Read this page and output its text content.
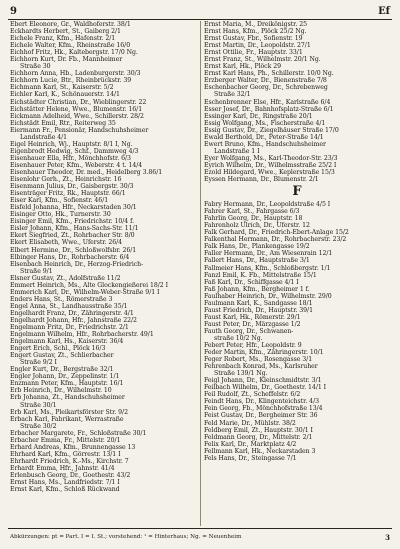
9	Ef
Ebert Eleonore, Gr., Waldhoferstr. 38/1
Eckhardts Herbert, St., Gaiberg 2/1
Eichele Franz, Kfm., Hafenstr. 2/1
Eichele Walter, Kfm., Rheinstraße 16/0
Eichhof Fritz, Hk., Kaltebergstr. 17/0 Ng.
Eichhorn Kurt, Dr. Fb., Mannheimer
Straße 30
Eichhorn Anna, Hb., Ladenburgerstr. 30/3
Eichhorn Lucie, Btr., Rheinbrückstr. 39
Eichmann Karl, St., Kaiserstr. 5/2
Eichler Karl, K., Schönauerstr. 14/1
Eichstädter Christian, Dr., Wieblingerstr. 22
Eichstätter Helene, Wwe., Blumenstr. 16/1
Eickmann Adelheid, Wwe., Schillerstr. 28/2
Eichstädt Emil, Rtr., Reiterweg 35
Eiermann Fr., Pensionär, Handschuhsheimer
Landstraße 4/1
Eigel Heinrich, Wj., Hauptstr. 8/1 I, Ng.
Eigenbrodt Hedwig, Schf., Dammweg 4/3
Eisenhauer Ella, Hfr., Mönchhofstr. 6/3
Eisenhauer Peter, Kfm., Weberstr. 4 t. 14/4
Eisenhauer Theodor, Dr. med., Heidelberg 3.86/1
Eisenlohr Gerh., Zt., Heinrichstr. 16
Eisenmann Julius, Dr., Gaisbergstr. 30/3
Eisenträger Fritz, Rk., Hauptstr. 66/1
Eiser Karl, Kfm., Sofienstr. 46/1
Eisfeld Johanna, Hfr., Neckarstaden 30/1
Eisinger Otto, Hk., Turnerstr. 30
Eisinger Emil, Kfm., Friedrichstr. 10/4 f.
Eisler Johann, Kfm., Hans-Sachs-Str. 11/1
Ekert Siegfried, Zt., Rohrbacher Str. 8/0
Ekert Elisabeth, Wwe., Uferstr. 26/4
Elbert Hermine, Dr., Schloßwolfsbr. 26/1
Elbinger Hans, Dr., Rohrbacherstr. 6/4
Elsenbach Heinrich, Dr., Herzog-Friedrich-
Straße 9/1
Elsner Gustav, Zt., Adolfstraße 11/2
Emmert Heinrich, Ms., Alte Glockengießerei 18/2 I
Emmerich Karl, Dr., Wilhelm-Weber-Straße 9/1 I
Enders Hans, St., Römerstraße 3
Engel Anna, St., Landhausstraße 35/1
Engelhardt Franz, Dr., Zähringerstr. 4/1
Engelhardt Johann, Hfr., Jahnstraße 22/2
Engelmann Fritz, Dr., Friedrichstr. 2/1
Engelmann Wilhelm, Hfr., Rohrbacherstr. 49/1
Engelmann Karl, Hs., Kaiserstr. 36/4
Engert Erich, Schl., Plöck 16/3
Engert Gustav, Zt., Schlierbacher
Straße 9/2 I
Engler Kurt, Dr., Bergstraße 32/1
Engler Johann, Dr., Zeppelinstr. 1/1
Enzmann Peter, Kfm., Hauptstr. 16/1
Erb Heinrich, Dr., Wilhelmstr. 10
Erb Johanna, Zt., Handschuhsheimer
Straße 30/1
Erb Karl, Ms., Pleikartsförster Str. 9/2
Erbach Karl, Fabrikant, Werrastraße
Straße 30/2
Erbacher Margarete, Fr., Schloßstraße 30/1
Erbacher Emma, Fr., Mittelstr. 20/1
Erhard Andreas, Kfm., Brunnengasse 13
Ehrhard Karl, Kfm., Görrestr. 13/1 I
Ehrhardt Friedrich, K.-Ms., Kirchstr. 7
Erhardt Emma, Hfr., Jahnstr. 41/4
Erlenbusch Georg, Dr., Goethestr. 43/2
Ernst Hans, Ms., Landfriedstr. 7/1 I
Ernst Karl, Kfm., Schloß Rückwand
Ernst Maria, M., Dreikönigstr. 25
Ernst Hans, Kfm., Plöck 25/2 Ng.
Ernst Gustav, Fbr., Sofienstr. 19
Ernst Martin, Dr., Leopoldstr. 27/1
Ernst Ottilie, Fr., Hauptstr. 33/1
Ernst Franz, St., Wilhelmstr. 20/1 Ng.
Ernst Karl, Hk., Plöck 29
Ernst Karl Hans, Ph., Schillerstr. 10/0 Ng.
Erzberger Walter, Dr., Bienenstraße 7/8
Eschenbacher Georg, Dr., Schrebenweg
Straße 32/1
Eschenbrenner Else, Hfr., Karlstraße 6/4
Esser Josef, Dr., Bahnhofsplatz-Straße 6/1
Essinger Karl, Dr., Ringstraße 20/1
Essig Wolfgang, Ms., Fischerstraße 4/1
Essig Gustav, Dr., Ziegelhäuser Straße 17/0
Ewald Berthold, Dr., Peter-Straße 14/1
Ewert Bruno, Kfm., Handschuhsheimer
Landstraße 1 I
Eyer Wolfgang, Ms., Karl-Theodor-Str. 23/3
Eyrich Wilhelm, Dr., Wilhelmsstraße 25/2 I
Ezold Hildegard, Wwe., Keplerstraße 15/3
Eyssen Hermann, Dr., Blumenstr. 2/1
F
Fabry Hermann, Dr., Leopoldstraße 4/5 I
Fahrer Karl, St., Fahrgasse 6/3
Fahrlin Georg, Dr., Hauptstr. 18
Fahrenholz Ulrich, Dr., Uferstr. 12
Falk Gerhard, Dr., Friedrich-Ebert-Anlage 15/2
Falkenthal Hermann, Dr., Rohrbacherstr. 23/2
Falk Hans, Dr., Plankengasse 19/2
Faller Hermann, Dr., Am Wiesenrain 12/1
Fallert Hans, Dr., Hauptstraße 3/1
Fallmeier Hans, Kfm., Schloßbergstr. 1/1
Fanzl Emil, K. Fb., Mittelstraße 15/1
Faß Karl, Dr., Schiffgasse 4/1 I
Faß Johann, Kfm., Bergheimer 1 f.
Faulhaber Heinrich, Dr., Wilhelmstr. 29/0
Faulmann Karl, K., Sandgasse 18/1
Faust Friedrich, Dr., Hauptstr. 39/1
Faust Karl, Hk., Römerstr. 29/1
Faust Peter, Dr., Märzgasse 1/2
Fauth Georg, Dr., Schwanen-
straße 10/2 Ng.
Febert Peter, Hfr., Leopoldstr. 9
Feder Martin, Kfm., Zähringerstr. 10/1
Feger Robert, Ms., Rosengasse 3/1
Fehrenbach Konrad, Ms., Karlsruher
Straße 139/1 Ng.
Feigl Johann, Dr., Kleinschmidtstr. 3/1
Feilbach Wilhelm, Dr., Goethestr. 14/1 I
Feil Rudolf, Zt., Scheffelstr. 6/2
Feindt Hans, Dr., Klingenteichstr. 4/3
Fein Georg, Fb., Mönchhofstraße 13/4
Feist Gustav, Dr., Bergheimer Str. 36
Feld Marie, Dr., Mühlstr. 38/2
Feldberg Emil, Zt., Hauptstr. 30/1 I
Feldmann Georg, Dr., Mittelstr. 2/1
Felix Karl, Dr., Marktplatz 4/2
Fellmann Karl, Hk., Neckarstaden 3
Fels Hans, Dr., Steingasse 7/1
Abkürzungen: pt = Part. I = I. St.; vorstehend: ¹ = Hinterhaus; Ng. = Neuenheim	3
